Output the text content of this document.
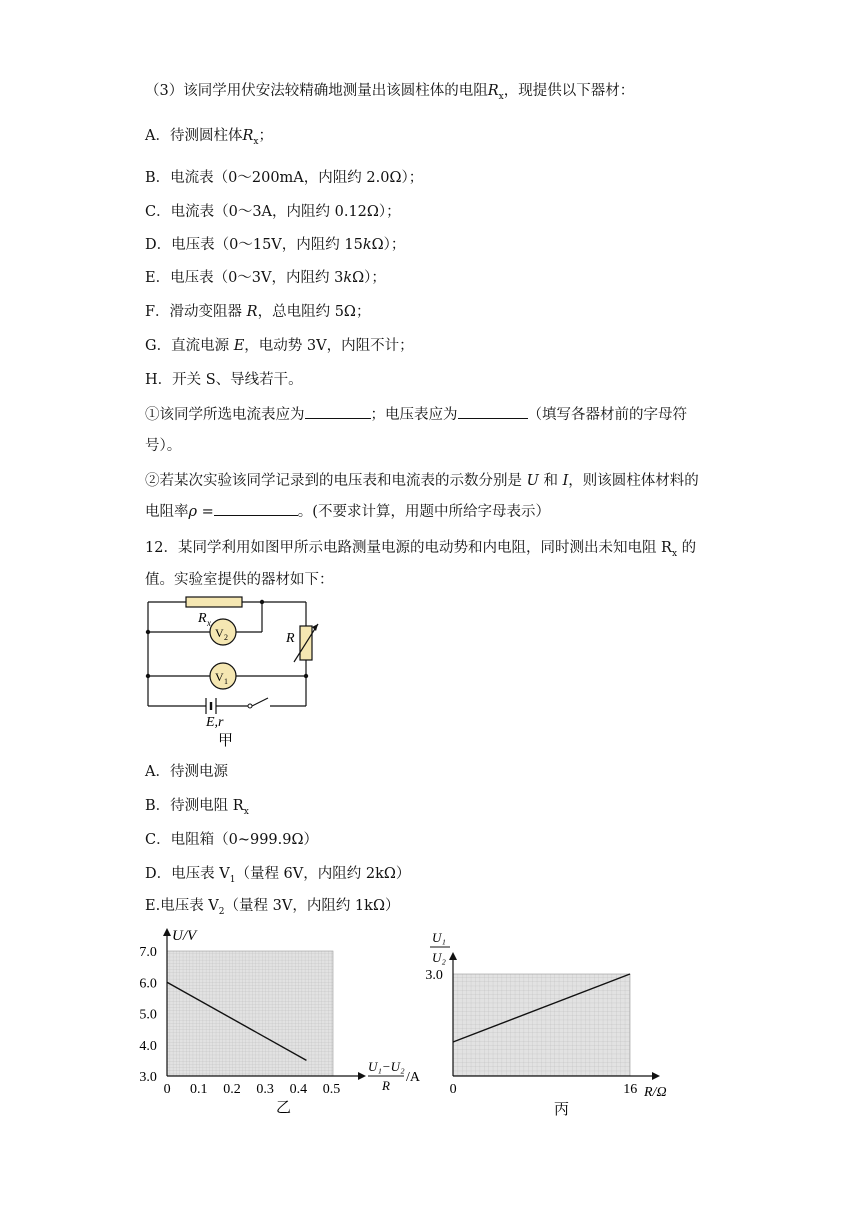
（3）该同学用伏安法较精确地测量出该圆柱体的电阻$R_x$，现提供以下器材：
A．待测圆柱体$R_x$；
B．电流表（0～200mA，内阻约 2.0Ω）；
C．电流表（0～3A，内阻约 0.12Ω）；
D．电压表（0～15V，内阻约 15kΩ）；
E．电压表（0～3V，内阻约 3kΩ）；
F．滑动变阻器 R，总电阻约 5Ω；
G．直流电源 E，电动势 3V，内阻不计；
H．开关 S、导线若干。
①该同学所选电流表应为	；电压表应为	（填写各器材前的字母符
号）。
②若某次实验该同学记录到的电压表和电流表的示数分别是 U 和 I，则该圆柱体材料的
电阻率ρ =	。(不要求计算，用题中所给字母表示）
12．某同学利用如图甲所示电路测量电源的电动势和内电阻，同时测出未知电阻 $R_x$ 的
值。实验室提供的器材如下：
R x
R
V 2
V 1
E,r
甲
A．待测电源
B．待测电阻 $R_x$
C．电阻箱（0~999.9Ω）
D．电压表 $V_1$（量程 6V，内阻约 2kΩ）
E.电压表 $V_2$（量程 3V，内阻约 1kΩ）
0 0.1 0.2 0.3 0.4 0.5
3.0
4.0
5.0
6.0
7.0
U/V
U₁−U₂
R
/A
乙
0	16
3.0
U₁
U₂
R/Ω
丙
